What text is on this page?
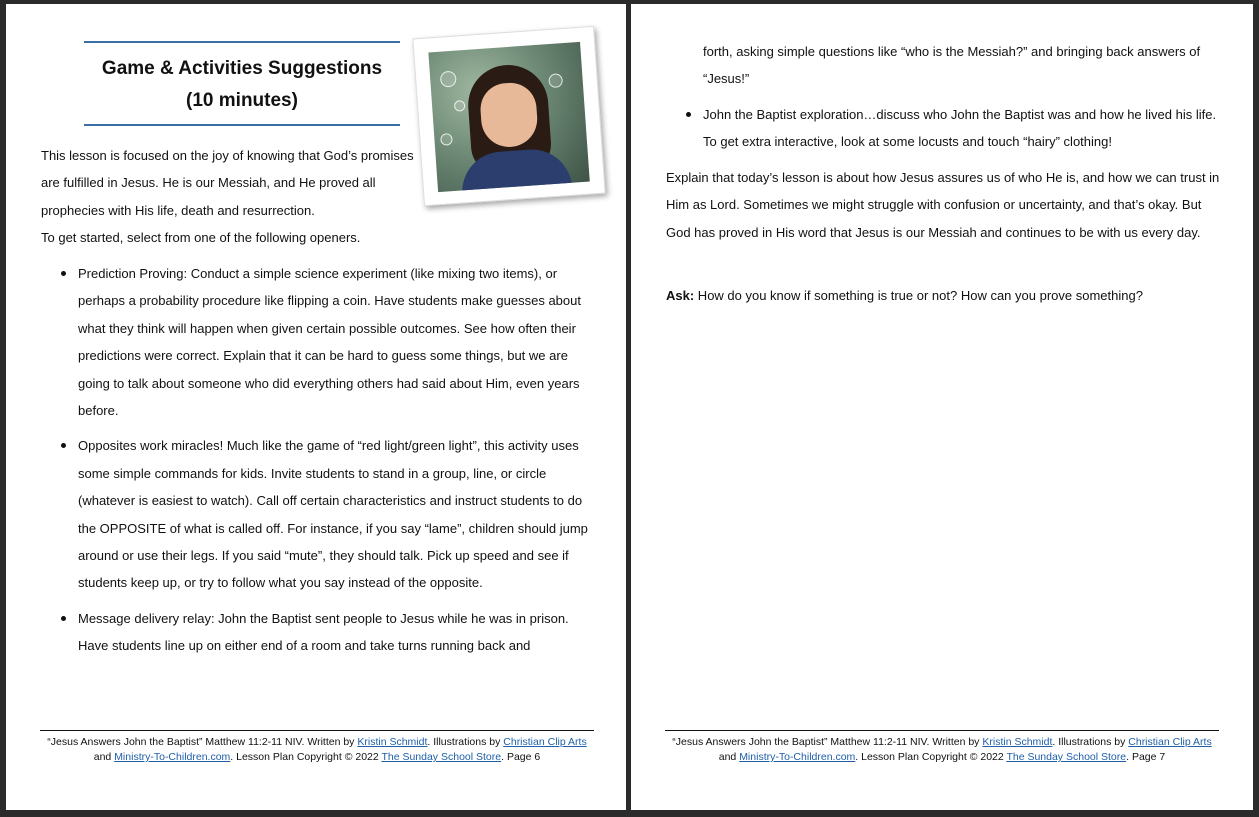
Game & Activities Suggestions
(10 minutes)
This lesson is focused on the joy of knowing that God’s promises are fulfilled in Jesus. He is our Messiah, and He proved all prophecies with His life, death and resurrection.
To get started, select from one of the following openers.
Prediction Proving: Conduct a simple science experiment (like mixing two items), or perhaps a probability procedure like flipping a coin. Have students make guesses about what they think will happen when given certain possible outcomes. See how often their predictions were correct. Explain that it can be hard to guess some things, but we are going to talk about someone who did everything others had said about Him, even years before.
Opposites work miracles! Much like the game of “red light/green light”, this activity uses some simple commands for kids. Invite students to stand in a group, line, or circle (whatever is easiest to watch). Call off certain characteristics and instruct students to do the OPPOSITE of what is called off. For instance, if you say “lame”, children should jump around or use their legs. If you said “mute”, they should talk. Pick up speed and see if students keep up, or try to follow what you say instead of the opposite.
Message delivery relay: John the Baptist sent people to Jesus while he was in prison. Have students line up on either end of a room and take turns running back and
“Jesus Answers John the Baptist” Matthew 11:2-11 NIV. Written by Kristin Schmidt. Illustrations by Christian Clip Arts and Ministry-To-Children.com. Lesson Plan Copyright © 2022 The Sunday School Store. Page 6
forth, asking simple questions like “who is the Messiah?” and bringing back answers of “Jesus!”
John the Baptist exploration…discuss who John the Baptist was and how he lived his life. To get extra interactive, look at some locusts and touch “hairy” clothing!
Explain that today’s lesson is about how Jesus assures us of who He is, and how we can trust in Him as Lord. Sometimes we might struggle with confusion or uncertainty, and that’s okay. But God has proved in His word that Jesus is our Messiah and continues to be with us every day.
Ask: How do you know if something is true or not? How can you prove something?
“Jesus Answers John the Baptist” Matthew 11:2-11 NIV. Written by Kristin Schmidt. Illustrations by Christian Clip Arts and Ministry-To-Children.com. Lesson Plan Copyright © 2022 The Sunday School Store. Page 7
